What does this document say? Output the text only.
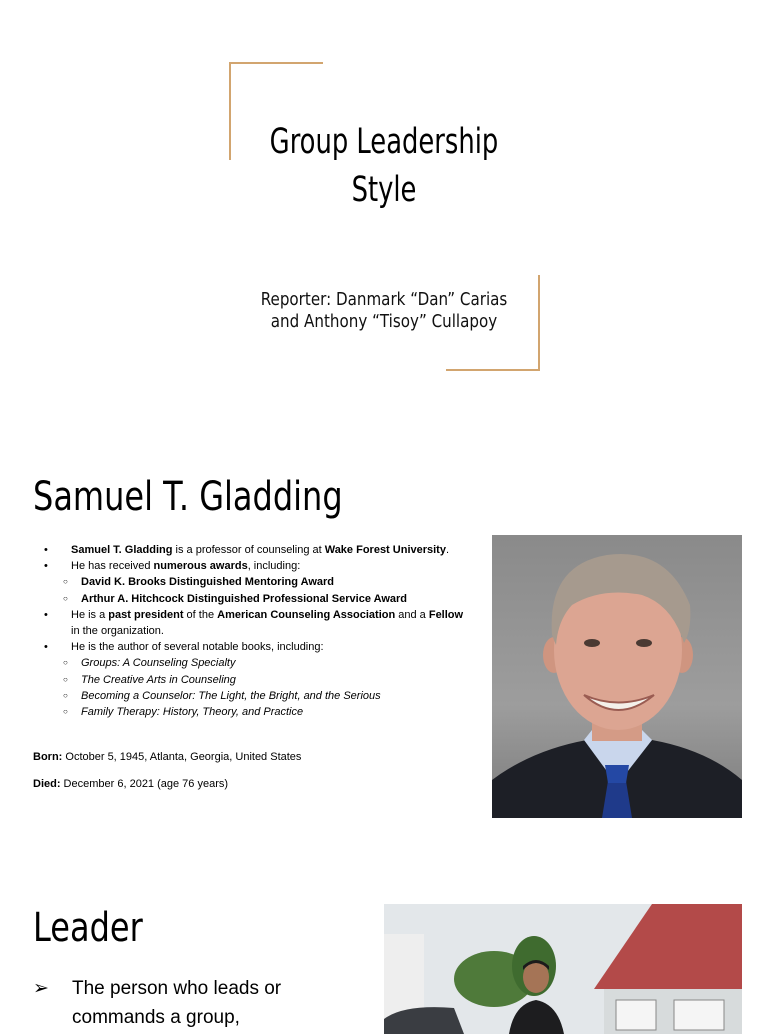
Group Leadership Style
Reporter: Danmark “Dan” Carias
and Anthony “Tisoy” Cullapoy
Samuel T. Gladding
• Samuel T. Gladding is a professor of counseling at Wake Forest University.
• He has received numerous awards, including:
○ David K. Brooks Distinguished Mentoring Award
○ Arthur A. Hitchcock Distinguished Professional Service Award
• He is a past president of the American Counseling Association and a Fellow in the organization.
• He is the author of several notable books, including:
○ Groups: A Counseling Specialty
○ The Creative Arts in Counseling
○ Becoming a Counselor: The Light, the Bright, and the Serious
○ Family Therapy: History, Theory, and Practice
Born: October 5, 1945, Atlanta, Georgia, United States
Died: December 6, 2021 (age 76 years)
Leader
➢	The person who leads or commands a group,
